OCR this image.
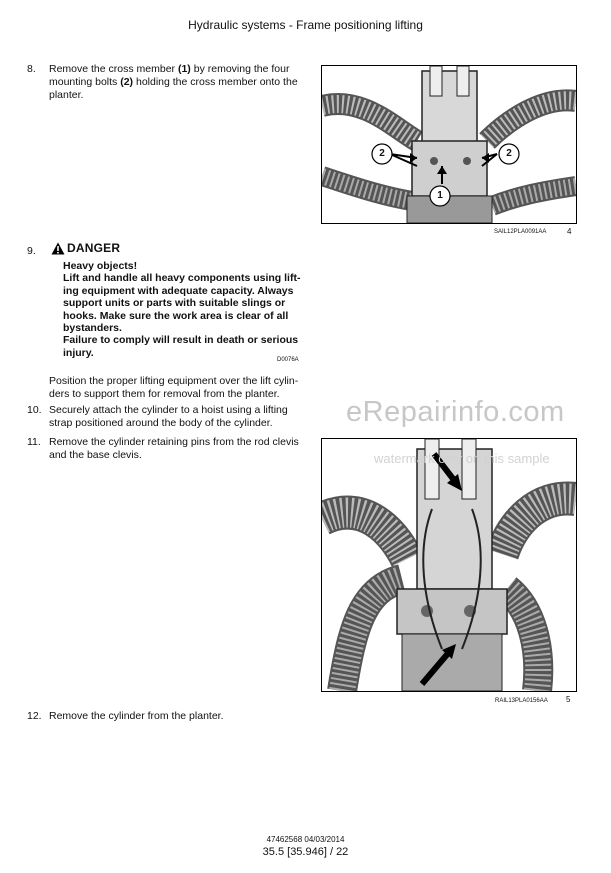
Hydraulic systems - Frame positioning lifting
8. Remove the cross member (1) by removing the four
mounting bolts (2) holding the cross member onto the
planter.
2	2
1
SAIL12PLA0091AA	4
9.	DANGER
Heavy objects!
Lift and handle all heavy components using lift-
ing equipment with adequate capacity. Always
support units or parts with suitable slings or
hooks. Make sure the work area is clear of all
bystanders.
Failure to comply will result in death or serious
injury.
D0076A
Position the proper lifting equipment over the lift cylin-
ders to support them for removal from the planter.
10. Securely attach the cylinder to a hoist using a lifting
strap positioned around the body of the cylinder.
11. Remove the cylinder retaining pins from the rod clevis
and the base clevis.
RAIL13PLA0156AA 5
eRepairinfo.com
watermark only on this sample
12. Remove the cylinder from the planter.
47462568 04/03/2014
35.5 [35.946] / 22
